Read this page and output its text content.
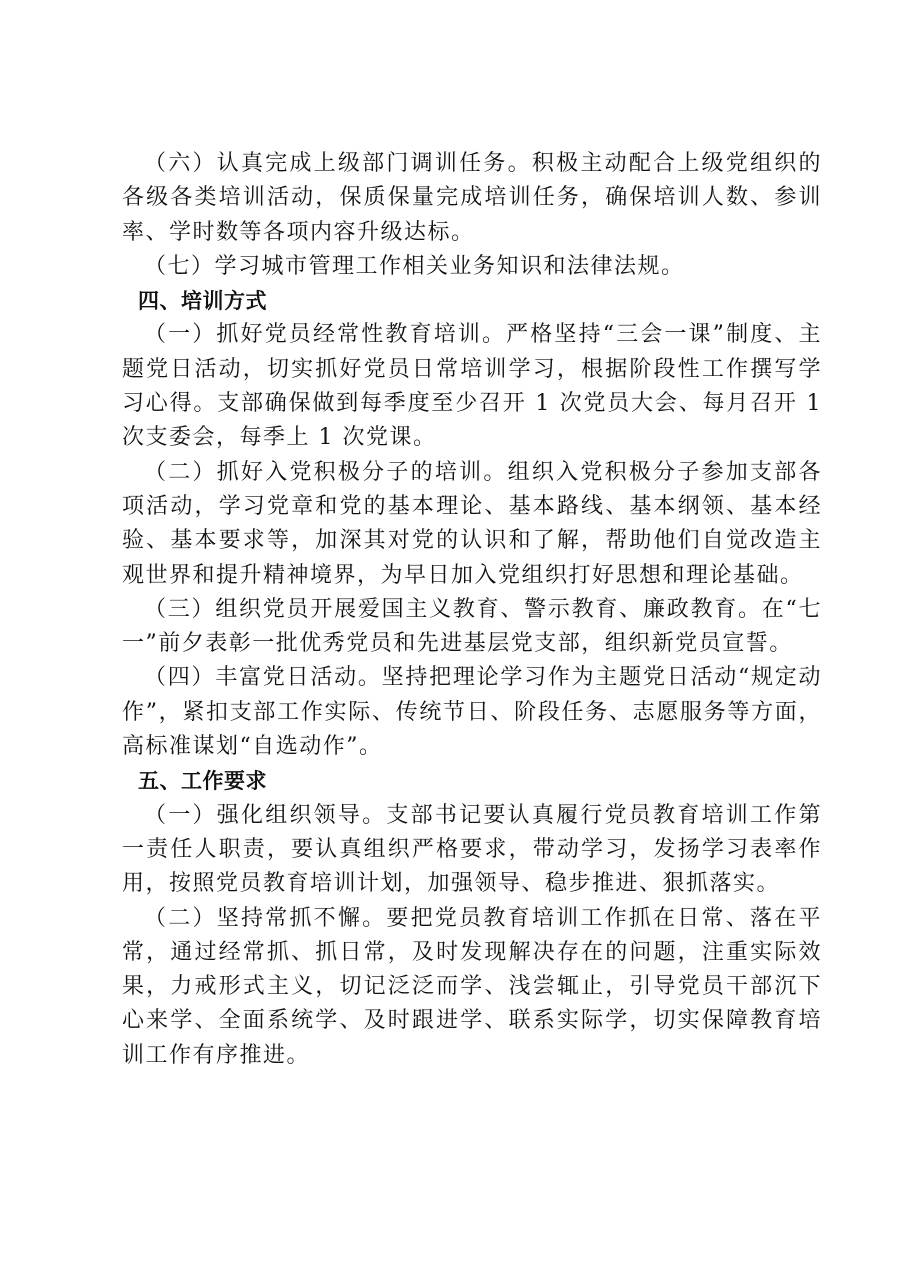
（六）认真完成上级部门调训任务。积极主动配合上级党组织的各级各类培训活动，保质保量完成培训任务，确保培训人数、参训率、学时数等各项内容升级达标。

（七）学习城市管理工作相关业务知识和法律法规。

四、培训方式

（一）抓好党员经常性教育培训。严格坚持“三会一课”制度、主题党日活动，切实抓好党员日常培训学习，根据阶段性工作撰写学习心得。支部确保做到每季度至少召开 1 次党员大会、每月召开 1 次支委会，每季上 1 次党课。

（二）抓好入党积极分子的培训。组织入党积极分子参加支部各项活动，学习党章和党的基本理论、基本路线、基本纲领、基本经验、基本要求等，加深其对党的认识和了解，帮助他们自觉改造主观世界和提升精神境界，为早日加入党组织打好思想和理论基础。

（三）组织党员开展爱国主义教育、警示教育、廉政教育。在“七一”前夕表彰一批优秀党员和先进基层党支部，组织新党员宣誓。

（四）丰富党日活动。坚持把理论学习作为主题党日活动“规定动作”，紧扣支部工作实际、传统节日、阶段任务、志愿服务等方面，高标准谋划“自选动作”。

五、工作要求

（一）强化组织领导。支部书记要认真履行党员教育培训工作第一责任人职责，要认真组织严格要求，带动学习，发扬学习表率作用，按照党员教育培训计划，加强领导、稳步推进、狠抓落实。

（二）坚持常抓不懈。要把党员教育培训工作抓在日常、落在平常，通过经常抓、抓日常，及时发现解决存在的问题，注重实际效果，力戒形式主义，切记泛泛而学、浅尝辄止，引导党员干部沉下心来学、全面系统学、及时跟进学、联系实际学，切实保障教育培训工作有序推进。
